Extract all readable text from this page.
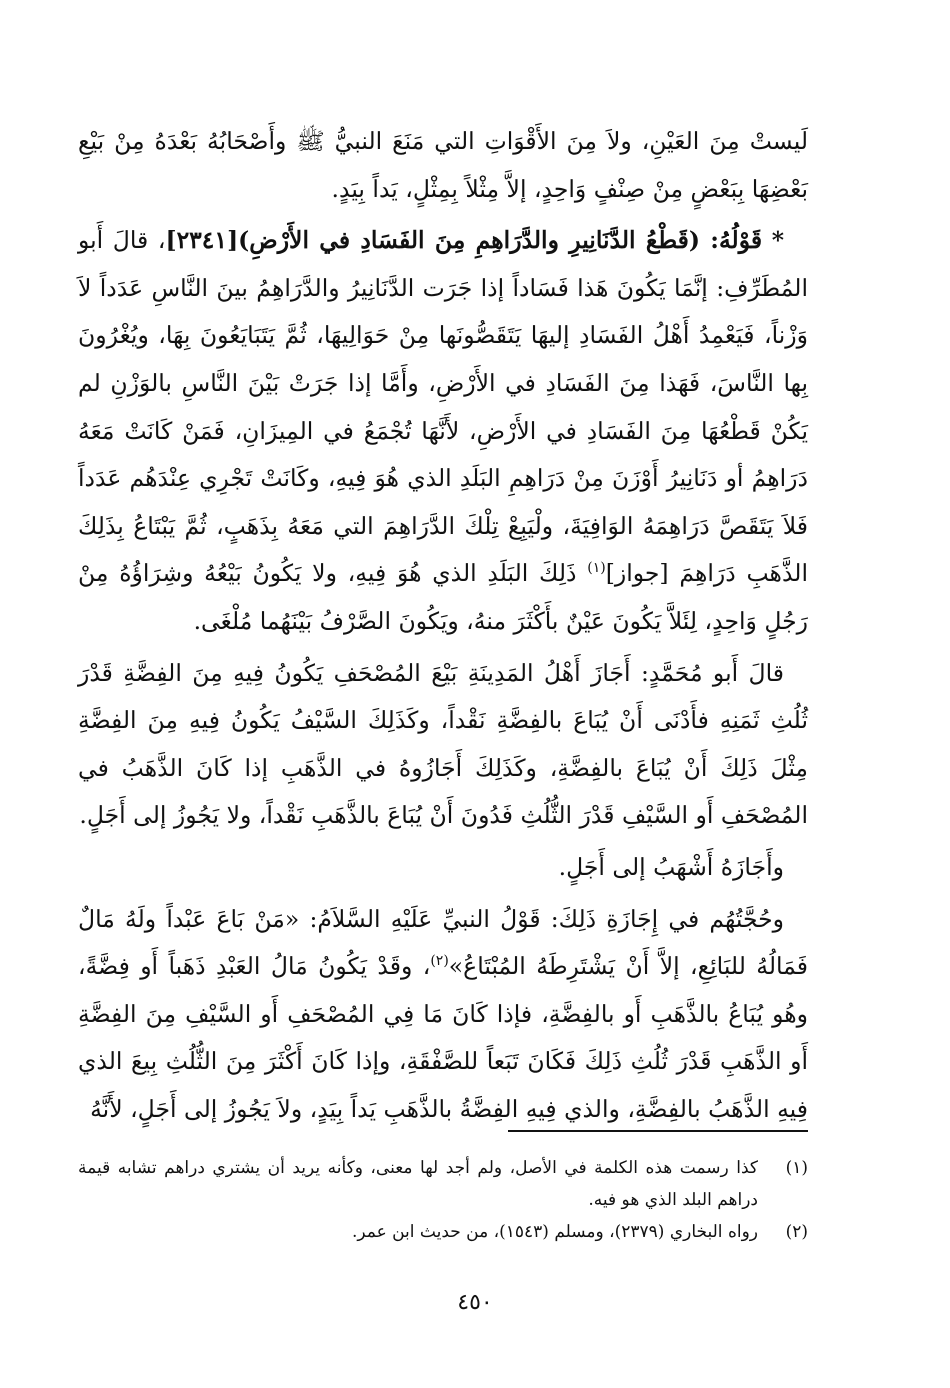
لَيستْ مِنَ العَيْنِ، ولاَ مِنَ الأَقْوَاتِ التي مَنَعَ النبيُّ ﷺ وأَصْحَابُهُ بَعْدَهُ مِنْ بَيْعِ بَعْضِهَا بِبَعْضٍ مِنْ صِنْفٍ وَاحِدٍ، إلاَّ مِثْلاً بِمِثْلٍ، يَداً بِيَدٍ.

* قَوْلُهُ: (قَطْعُ الدَّنَانِيرِ والدَّرَاهِمِ مِنَ الفَسَادِ في الأَرْضِ)[٢٣٤١]، قالَ أَبو المُطَرِّفِ: إنَّمَا يَكُونَ هَذا فَسَاداً إذا جَرَت الدَّنَانِيرُ والدَّرَاهِمُ بينَ النَّاسِ عَدَداً لاَ وَزْناً، فَيَعْمِدُ أَهْلُ الفَسَادِ إليهَا يَتَقَصُّونَها مِنْ حَوَالِيهَا، ثُمَّ يَتَبَايَعُونَ بِهَا، ويُغْرُونَ بِها النَّاسَ، فَهَذا مِنَ الفَسَادِ في الأَرْضِ، وأَمَّا إذا جَرَتْ بَيْنَ النَّاسِ بالوَزْنِ لم يَكُنْ قَطْعُهَا مِنَ الفَسَادِ في الأَرْضِ، لأَنَّهَا تُجْمَعُ في المِيزَانِ، فَمَنْ كَانَتْ مَعَهُ دَرَاهِمُ أو دَنَانِيرُ أَوْزَنَ مِنْ دَرَاهِمِ البَلَدِ الذي هُوَ فِيهِ، وكَانَتْ تَجْرِي عِنْدَهُم عَدَداً فَلاَ يَتَقَصَّ دَرَاهِمَهُ الوَافِيَةَ، ولْيَبِعْ تِلْكَ الدَّرَاهِمَ التي مَعَهُ بِذَهَبٍ، ثُمَّ يَبْتَاعُ بِذَلِكَ الذَّهَبِ دَرَاهِمَ [جواز]$^{(١)}$ ذَلِكَ البَلَدِ الذي هُوَ فِيهِ، ولا يَكُونُ بَيْعُهُ وشِرَاؤُهُ مِنْ رَجُلٍ وَاحِدٍ، لِئَلاَّ يَكُونَ عَيْنٌ بأَكْثَرَ منهُ، ويَكُونَ الصَّرْفُ بَيْنَهُما مُلْغَى.

قالَ أَبو مُحَمَّدٍ: أَجَازَ أَهْلُ المَدِينَةِ بَيْعَ المُصْحَفِ يَكُونُ فِيهِ مِنَ الفِضَّةِ قَدْرَ ثُلُثِ ثَمَنِهِ فأَدْنَى أَنْ يُبَاعَ بالفِضَّةِ نَقْداً، وكَذَلِكَ السَّيْفُ يَكُونُ فِيهِ مِنَ الفِضَّةِ مِثْلَ ذَلِكَ أَنْ يُبَاعَ بالفِضَّةِ، وكَذَلِكَ أَجَازُوهُ في الذَّهَبِ إذا كَانَ الذَّهَبُ في المُصْحَفِ أَو السَّيْفِ قَدْرَ الثُّلُثِ فَدُونَ أَنْ يُبَاعَ بالذَّهَبِ نَقْداً، ولا يَجُوزُ إلى أَجَلٍ.

وأَجَازَهُ أَشْهَبُ إلى أَجَلٍ.

وحُجَّتُهُم في إِجَازَةِ ذَلِكَ: قَوْلُ النبيِّ عَلَيْهِ السَّلاَمُ: «مَنْ بَاعَ عَبْداً ولَهُ مَالٌ فَمَالُهُ للبَائِعِ، إلاَّ أَنْ يَشْتَرِطَهُ المُبْتَاعُ»$^{(٢)}$، وقَدْ يَكُونُ مَالُ العَبْدِ ذَهَباً أَو فِضَّةً، وهُو يُبَاعُ بالذَّهَبِ أَو بالفِضَّةِ، فإذا كَانَ مَا فِي المُصْحَفِ أَو السَّيْفِ مِنَ الفِضَّةِ أَو الذَّهَبِ قَدْرَ ثُلُثِ ذَلِكَ فَكَانَ تَبَعاً للصَّفْقَةِ، وإذا كَانَ أَكْثَرَ مِنَ الثُّلُثِ بِيعَ الذي فِيهِ الذَّهَبُ بالفِضَّةِ، والذي فِيهِ الفِضَّةُ بالذَّهَبِ يَداً بِيَدٍ، ولاَ يَجُوزُ إلى أَجَلٍ، لأَنَّهُ

(١)
كذا رسمت هذه الكلمة في الأصل، ولم أجد لها معنى، وكأنه يريد أن يشتري دراهم تشابه قيمة دراهم البلد الذي هو فيه.

(٢)
رواه البخاري (٢٣٧٩)، ومسلم (١٥٤٣)، من حديث ابن عمر.

٤٥٠
